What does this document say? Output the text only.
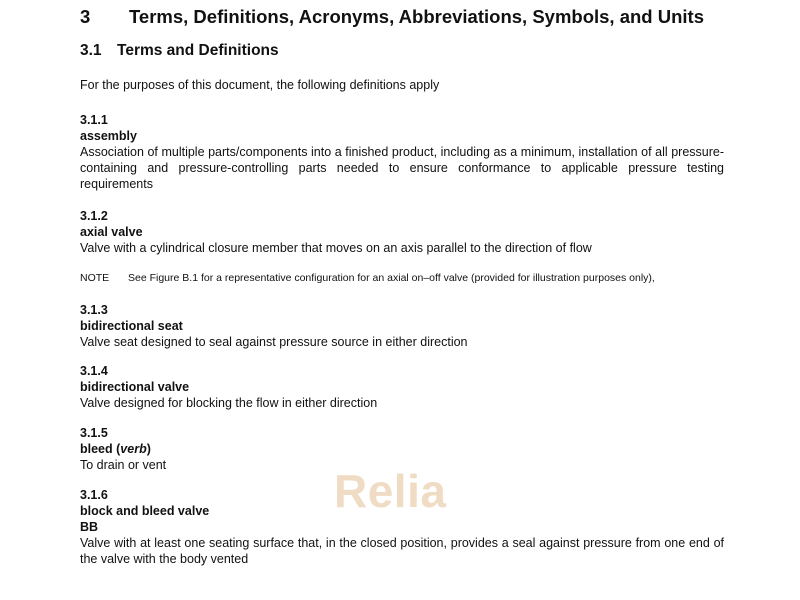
3 Terms, Definitions, Acronyms, Abbreviations, Symbols, and Units
3.1 Terms and Definitions
For the purposes of this document, the following definitions apply
3.1.1
assembly
Association of multiple parts/components into a finished product, including as a minimum, installation of all pressure-containing and pressure-controlling parts needed to ensure conformance to applicable pressure testing requirements
3.1.2
axial valve
Valve with a cylindrical closure member that moves on an axis parallel to the direction of flow
NOTE See Figure B.1 for a representative configuration for an axial on–off valve (provided for illustration purposes only),
3.1.3
bidirectional seat
Valve seat designed to seal against pressure source in either direction
3.1.4
bidirectional valve
Valve designed for blocking the flow in either direction
3.1.5
bleed (verb)
To drain or vent
3.1.6
block and bleed valve
BB
Valve with at least one seating surface that, in the closed position, provides a seal against pressure from one end of the valve with the body vented
Relia
